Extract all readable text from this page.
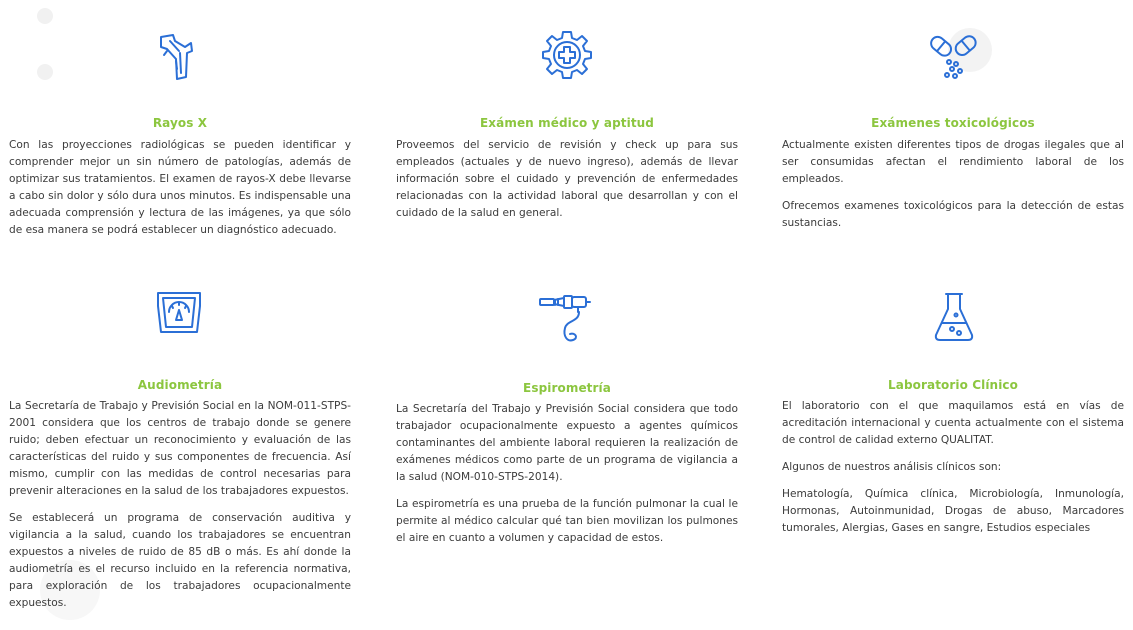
Rayos X

Con las proyecciones radiológicas se pueden identificar y comprender mejor un sin número de patologías, además de optimizar sus tratamientos. El examen de rayos-X debe llevarse a cabo sin dolor y sólo dura unos minutos. Es indispensable una adecuada comprensión y lectura de las imágenes, ya que sólo de esa manera se podrá establecer un diagnóstico adecuado.

Exámen médico y aptitud

Proveemos del servicio de revisión y check up para sus empleados (actuales y de nuevo ingreso), además de llevar información sobre el cuidado y prevención de enfermedades relacionadas con la actividad laboral que desarrollan y con el cuidado de la salud en general.

Exámenes toxicológicos

Actualmente existen diferentes tipos de drogas ilegales que al ser consumidas afectan el rendimiento laboral de los empleados.

Ofrecemos examenes toxicológicos para la detección de estas sustancias.

Audiometría

La Secretaría de Trabajo y Previsión Social en la NOM-011-STPS-2001 considera que los centros de trabajo donde se genere ruido; deben efectuar un reconocimiento y evaluación de las características del ruido y sus componentes de frecuencia. Así mismo, cumplir con las medidas de control necesarias para prevenir alteraciones en la salud de los trabajadores expuestos.

Se establecerá un programa de conservación auditiva y vigilancia a la salud, cuando los trabajadores se encuentran expuestos a niveles de ruido de 85 dB o más. Es ahí donde la audiometría es el recurso incluido en la referencia normativa, para exploración de los trabajadores ocupacionalmente expuestos.

Espirometría

La Secretaría del Trabajo y Previsión Social considera que todo trabajador ocupacionalmente expuesto a agentes químicos contaminantes del ambiente laboral requieren la realización de exámenes médicos como parte de un programa de vigilancia a la salud (NOM-010-STPS-2014).

La espirometría es una prueba de la función pulmonar la cual le permite al médico calcular qué tan bien movilizan los pulmones el aire en cuanto a volumen y capacidad de estos.

Laboratorio Clínico

El laboratorio con el que maquilamos está en vías de acreditación internacional y cuenta actualmente con el sistema de control de calidad externo QUALITAT.

Algunos de nuestros análisis clínicos son:

Hematología, Química clínica, Microbiología, Inmunología, Hormonas, Autoinmunidad, Drogas de abuso, Marcadores tumorales, Alergias, Gases en sangre, Estudios especiales
